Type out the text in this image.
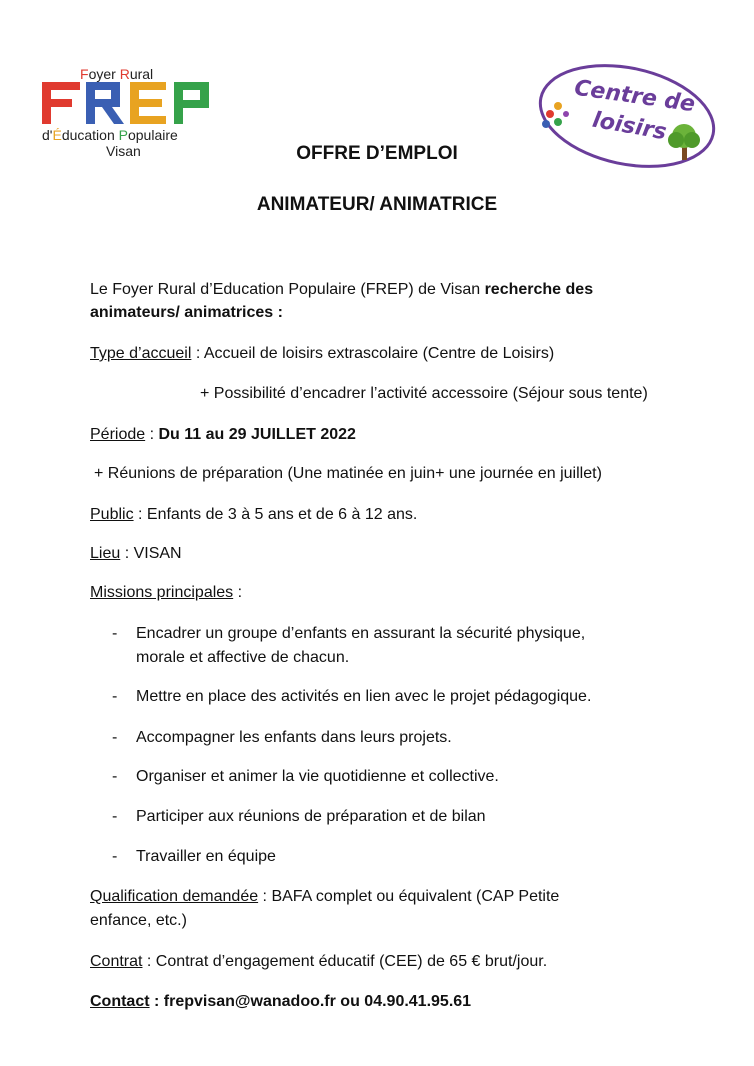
Foyer Rural
d'Éducation Populaire
Visan
Centre de
loisirs
OFFRE D’EMPLOI
ANIMATEUR/ ANIMATRICE
Le Foyer Rural d’Education Populaire (FREP) de Visan recherche des
animateurs/ animatrices :
Type d’accueil : Accueil de loisirs extrascolaire (Centre de Loisirs)
+ Possibilité d’encadrer l’activité accessoire (Séjour sous tente)
Période : Du 11 au 29 JUILLET 2022
+ Réunions de préparation (Une matinée en juin+ une journée en juillet)
Public : Enfants de 3 à 5 ans et de 6 à 12 ans.
Lieu : VISAN
Missions principales :
- Encadrer un groupe d’enfants en assurant la sécurité physique,
morale et affective de chacun.
- Mettre en place des activités en lien avec le projet pédagogique.
- Accompagner les enfants dans leurs projets.
- Organiser et animer la vie quotidienne et collective.
- Participer aux réunions de préparation et de bilan
- Travailler en équipe
Qualification demandée : BAFA complet ou équivalent (CAP Petite
enfance, etc.)
Contrat : Contrat d’engagement éducatif (CEE) de 65 € brut/jour.
Contact : frepvisan@wanadoo.fr ou 04.90.41.95.61
